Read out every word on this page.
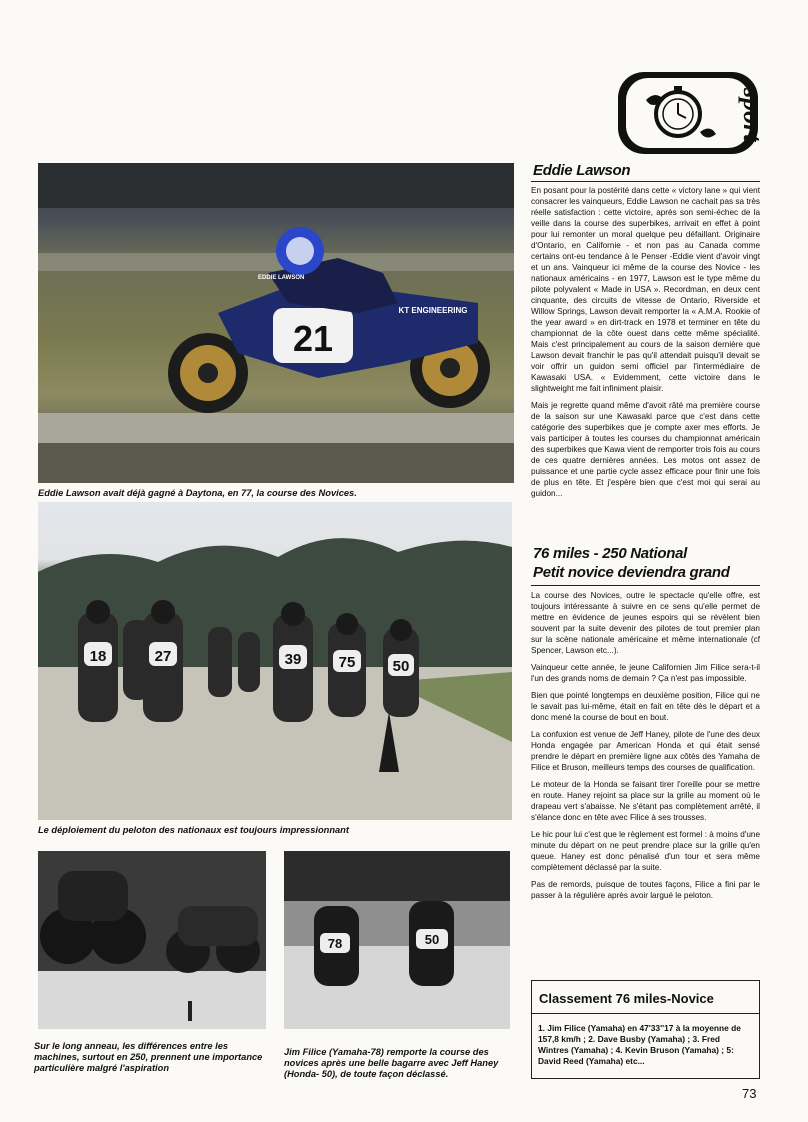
sport
21
KT ENGINEERING
EDDIE LAWSON
Eddie Lawson avait déjà gagné à Daytona, en 77, la course des Novices.
18	27	39 75 50
Le déploiement du peloton des nationaux est toujours impressionnant
Sur le long anneau, les différences entre les machines, surtout en 250, prennent une importance particulière malgré l'aspiration
78	50
Jim Filice (Yamaha-78) remporte la course des novices après une belle bagarre avec Jeff Haney (Honda- 50), de toute façon déclassé.
Eddie Lawson

En posant pour la postérité dans cette « victory lane » qui vient consacrer les vainqueurs, Eddie Lawson ne cachait pas sa très réelle satisfaction : cette victoire, après son semi-échec de la veille dans la course des superbikes, arrivait en effet à point pour lui remonter un moral quelque peu défaillant. Originaire d'Ontario, en Californie - et non pas au Canada comme certains ont-eu tendance à le Penser -Eddie vient d'avoir vingt et un ans. Vainqueur ici même de la course des Novice - les nationaux américains - en 1977, Lawson est le type même du pilote polyvalent « Made in USA ». Recordman, en deux cent cinquante, des circuits de vitesse de Ontario, Riverside et Willow Springs, Lawson devait remporter la « A.M.A. Rookie of the year award » en dirt-track en 1978 et terminer en tête du championnat de la côte ouest dans cette même spécialité. Mais c'est principalement au cours de la saison dernière que Lawson devait franchir le pas qu'il attendait puisqu'il devait se voir offrir un guidon semi officiel par l'intermédiaire de Kawasaki USA. « Evidemment, cette victoire dans le slightweight me fait infiniment plaisir.

Mais je regrette quand même d'avoit râté ma première course de la saison sur une Kawasaki parce que c'est dans cette catégorie des superbikes que je compte axer mes efforts. Je vais participer à toutes les courses du championnat américain des superbikes que Kawa vient de remporter trois fois au cours de ces quatre dernières années. Les motos ont assez de puissance et une partie cycle assez efficace pour finir une fois de plus en tête. Et j'espère bien que c'est moi qui serai au guidon...

76 miles - 250 National
Petit novice deviendra grand

La course des Novices, outre le spectacle qu'elle offre, est toujours intéressante à suivre en ce sens qu'elle permet de mettre en évidence de jeunes espoirs qui se révèlent bien souvent par la suite devenir des pilotes de tout premier plan sur la scène nationale américaine et même internationale (cf Spencer, Lawson etc...).

Vainqueur cette année, le jeune Californien Jim Filice sera-t-il l'un des grands noms de demain ? Ça n'est pas impossible.

Bien que pointé longtemps en deuxième position, Filice qui ne le savait pas lui-même, était en fait en tête dès le départ et a donc mené la course de bout en bout.

La confuxion est venue de Jeff Haney, pilote de l'une des deux Honda engagée par American Honda et qui était sensé prendre le départ en première ligne aux côtés des Yamaha de Filice et Bruson, meilleurs temps des courses de qualification.

Le moteur de la Honda se faisant tirer l'oreille pour se mettre en route. Haney rejoint sa place sur la grille au moment où le drapeau vert s'abaisse. Ne s'étant pas complètement arrêté, il s'élance donc en tête avec Filice à ses trousses.

Le hic pour lui c'est que le règlement est formel : à moins d'une minute du départ on ne peut prendre place sur la grille qu'en queue. Haney est donc pénalisé d'un tour et sera même complètement déclassé par la suite.

Pas de remords, puisque de toutes façons, Filice a fini par le passer à la régulière après avoir largué le peloton.

Classement 76 miles-Novice
1. Jim Filice (Yamaha) en 47'33''17 à la moyenne de 157,8 km/h ; 2. Dave Busby (Yamaha) ; 3. Fred Wintres (Yamaha) ; 4. Kevin Bruson (Yamaha) ; 5: David Reed (Yamaha) etc...
73
